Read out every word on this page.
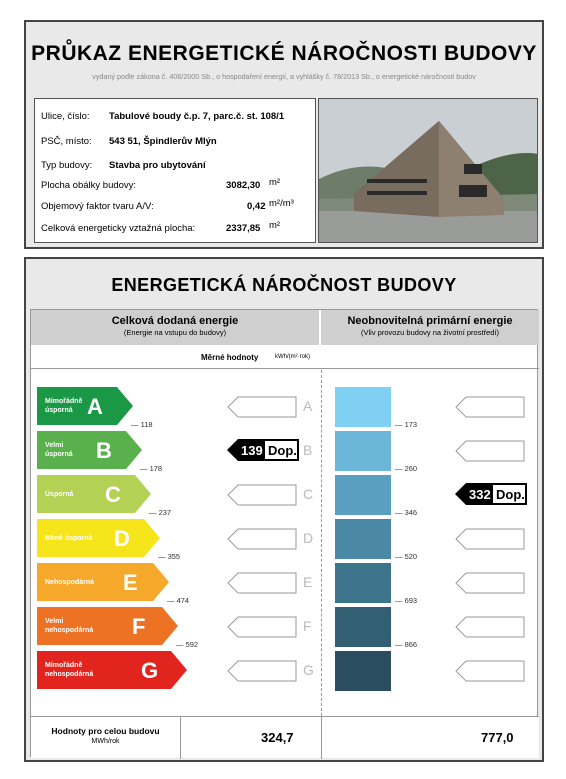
PRŮKAZ ENERGETICKÉ NÁROČNOSTI BUDOVY
vydaný podle zákona č. 406/2000 Sb., o hospodaření energií, a vyhlášky č. 78/2013 Sb., o energetické náročnosti budov
Ulice, číslo: Tabulové boudy č.p. 7, parc.č. st. 108/1
PSČ, místo: 543 51, Špindlerův Mlýn
Typ budovy: Stavba pro ubytování
Plocha obálky budovy:	3082,30 m²
Objemový faktor tvaru A/V:	0,42 m²/m³
Celková energeticky vztažná plocha:	2337,85 m²
ENERGETICKÁ NÁROČNOST BUDOVY
Celková dodaná energie
(Energie na vstupu do budovy)
Neobnovitelná primární energie
(Vliv provozu budovy na životní prostředí)
Měrné hodnoty	kWh/(m²·rok)
Mimořádně
úsporná A	A
— 118	— 173
Velmi
úsporná B	B
— 178	— 260
Úsporná C	C
— 237	— 346
Méně úsporná D	D
— 355	— 520
Nehospodárná E	E
— 474	— 693
Velmi
nehospodárná F	F
— 592	— 866
Mimořádně
nehospodárná G	G
139 Dop.
332 Dop.
Hodnoty pro celou budovu
MWh/rok	324,7	777,0
